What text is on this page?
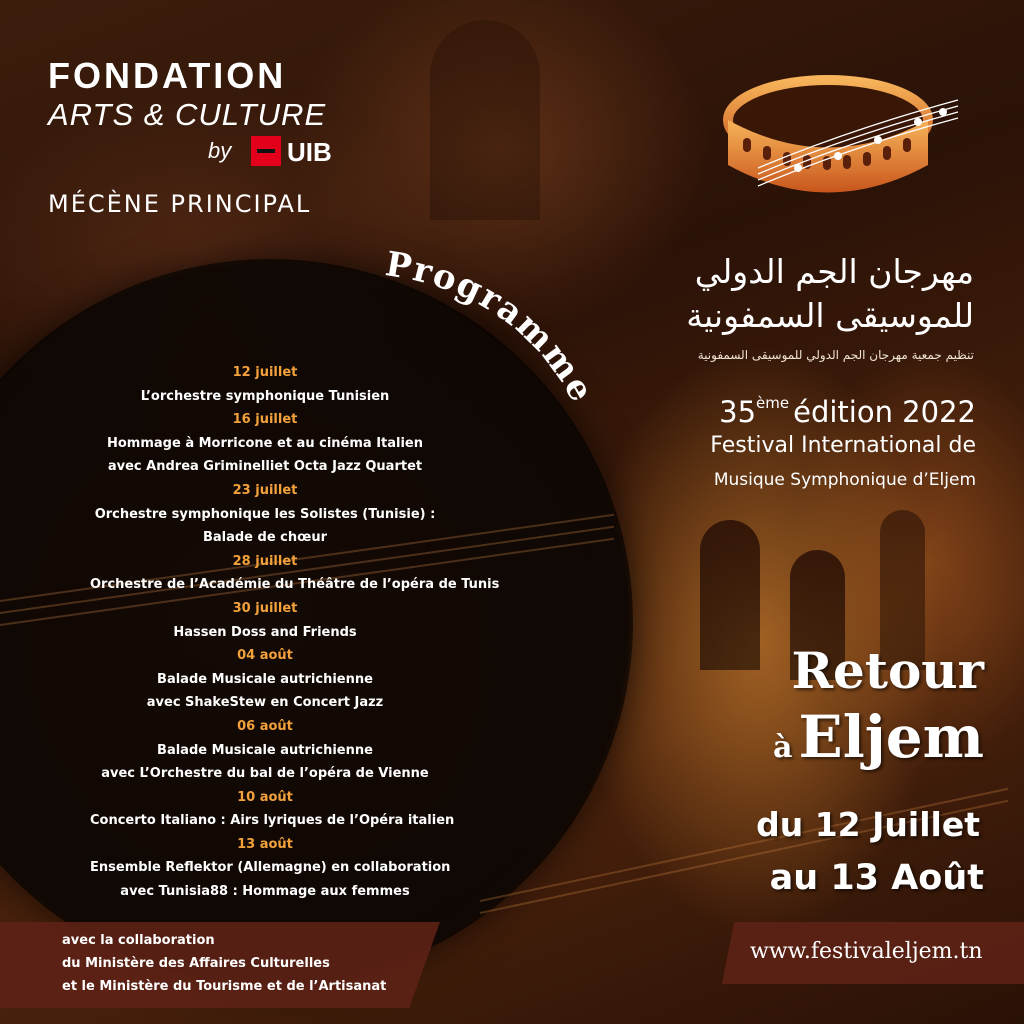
FONDATION
ARTS & CULTURE
by UIB
MÉCÈNE PRINCIPAL
مهرجان الجم الدولي
للموسيقى السمفونية
تنظيم جمعية مهرجان الجم الدولي للموسيقى السمفونية
35ème édition 2022
Festival International de
Musique Symphonique d’Eljem
Programme
12 juillet
L’orchestre symphonique Tunisien
16 juillet
Hommage à Morricone et au cinéma Italien
avec Andrea Griminelliet Octa Jazz Quartet
23 juillet
Orchestre symphonique les Solistes (Tunisie) :
Balade de chœur
28 juillet
Orchestre de l’Académie du Théâtre de l’opéra de Tunis
30 juillet
Hassen Doss and Friends
04 août
Balade Musicale autrichienne
avec ShakeStew en Concert Jazz
06 août
Balade Musicale autrichienne
avec L’Orchestre du bal de l’opéra de Vienne
10 août
Concerto Italiano : Airs lyriques de l’Opéra italien
13 août
Ensemble Reflektor (Allemagne) en collaboration
avec Tunisia88 : Hommage aux femmes
Retour
à Eljem
du 12 Juillet
au 13 Août
avec la collaboration
du Ministère des Affaires Culturelles
et le Ministère du Tourisme et de l’Artisanat
www.festivaleljem.tn
